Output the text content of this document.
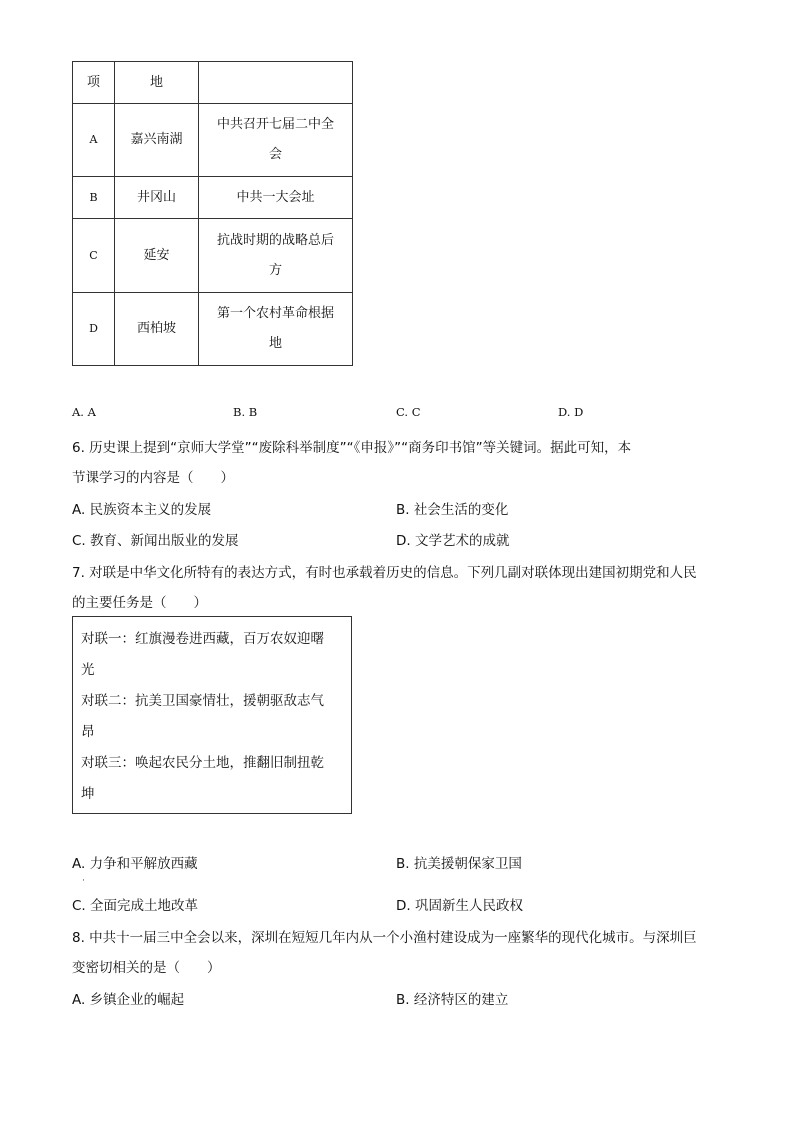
项	地	
A	嘉兴南湖	中共召开七届二中全
会

B	井冈山	中共一大会址

C	延安	抗战时期的战略总后
方

D	西柏坡	第一个农村革命根据
地
A. A	B. B	C. C	D. D
6. 历史课上提到“京师大学堂”“废除科举制度”“《申报》”“商务印书馆”等关键词。据此可知，本
节课学习的内容是（　　）
A. 民族资本主义的发展	B. 社会生活的变化
C. 教育、新闻出版业的发展	D. 文学艺术的成就
7. 对联是中华文化所特有的表达方式，有时也承载着历史的信息。下列几副对联体现出建国初期党和人民
的主要任务是（　　）
对联一：红旗漫卷进西藏，百万农奴迎曙
光
对联二：抗美卫国豪情壮，援朝驱敌志气
昂
对联三：唤起农民分土地，推翻旧制扭乾
坤
A. 力争和平解放西藏	B. 抗美援朝保家卫国
·
C. 全面完成土地改革	D. 巩固新生人民政权
8. 中共十一届三中全会以来，深圳在短短几年内从一个小渔村建设成为一座繁华的现代化城市。与深圳巨
变密切相关的是（　　）
A. 乡镇企业的崛起	B. 经济特区的建立
